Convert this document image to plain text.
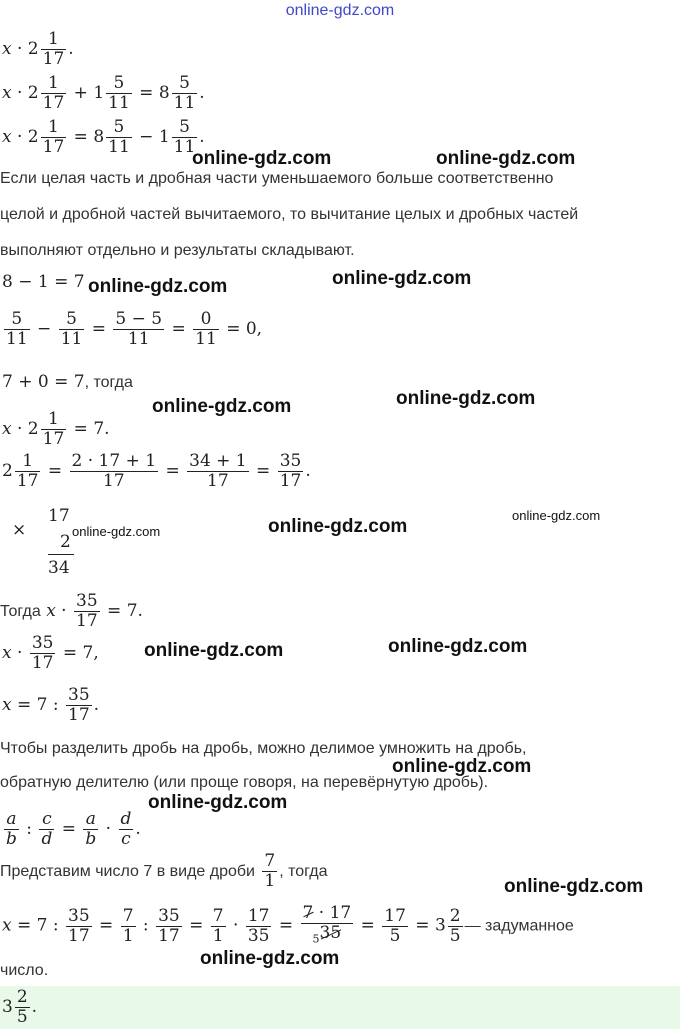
online-gdz.com
$x \cdot 2 \frac{1}{17}$ .
$x \cdot 2 \frac{1}{17} + 1 \frac{5}{11} = 8 \frac{5}{11}$ .
$x \cdot 2 \frac{1}{17} = 8 \frac{5}{11} - 1 \frac{5}{11}$ .
online-gdz.com	online-gdz.com
Если целая часть и дробная части уменьшаемого больше соответственно
целой и дробной частей вычитаемого, то вычитание целых и дробных частей
выполняют отдельно и результаты складывают.
8 − 1 = 7 online-gdz.com	online-gdz.com
$\frac{5}{11} - \frac{5}{11} = \frac{5 - 5}{11} = \frac{0}{11} = 0$,
7 + 0 = 7, тогда
online-gdz.com	online-gdz.com
$x \cdot 2 \frac{1}{17} = 7$.
$2 \frac{1}{17} = \frac{2 \cdot 17 + 1}{17} = \frac{34 + 1}{17} = \frac{35}{17}$ .
×
17
2
34
online-gdz.com	online-gdz.com
online-gdz.com
Тогда $x \cdot \frac{35}{17} = 7$.
$x \cdot \frac{35}{17} = 7$, online-gdz.com	online-gdz.com
x = 7 : $\frac{35}{17}$ .
Чтобы разделить дробь на дробь, можно делимое умножить на дробь,
обратную делителю (или проще говоря, на перевёрнутую дробь).
online-gdz.com
online-gdz.com
$\frac{a}{b}$ : $\frac{c}{d} = \frac{a}{b} \cdot \frac{d}{c}$ .
Представим число 7 в виде дроби $\frac{7}{1}$ , тогда
online-gdz.com
x = 7 : $\frac{35}{17} = \frac{7}{1}$ : $\frac{35}{17} = \frac{7}{1} \cdot \frac{17}{35} = \frac{7 \cdot 17}{_535} = \frac{17}{5} = 3 \frac{2}{5}$ — задуманное
число.
online-gdz.com
$3 \frac{2}{5}$ .
